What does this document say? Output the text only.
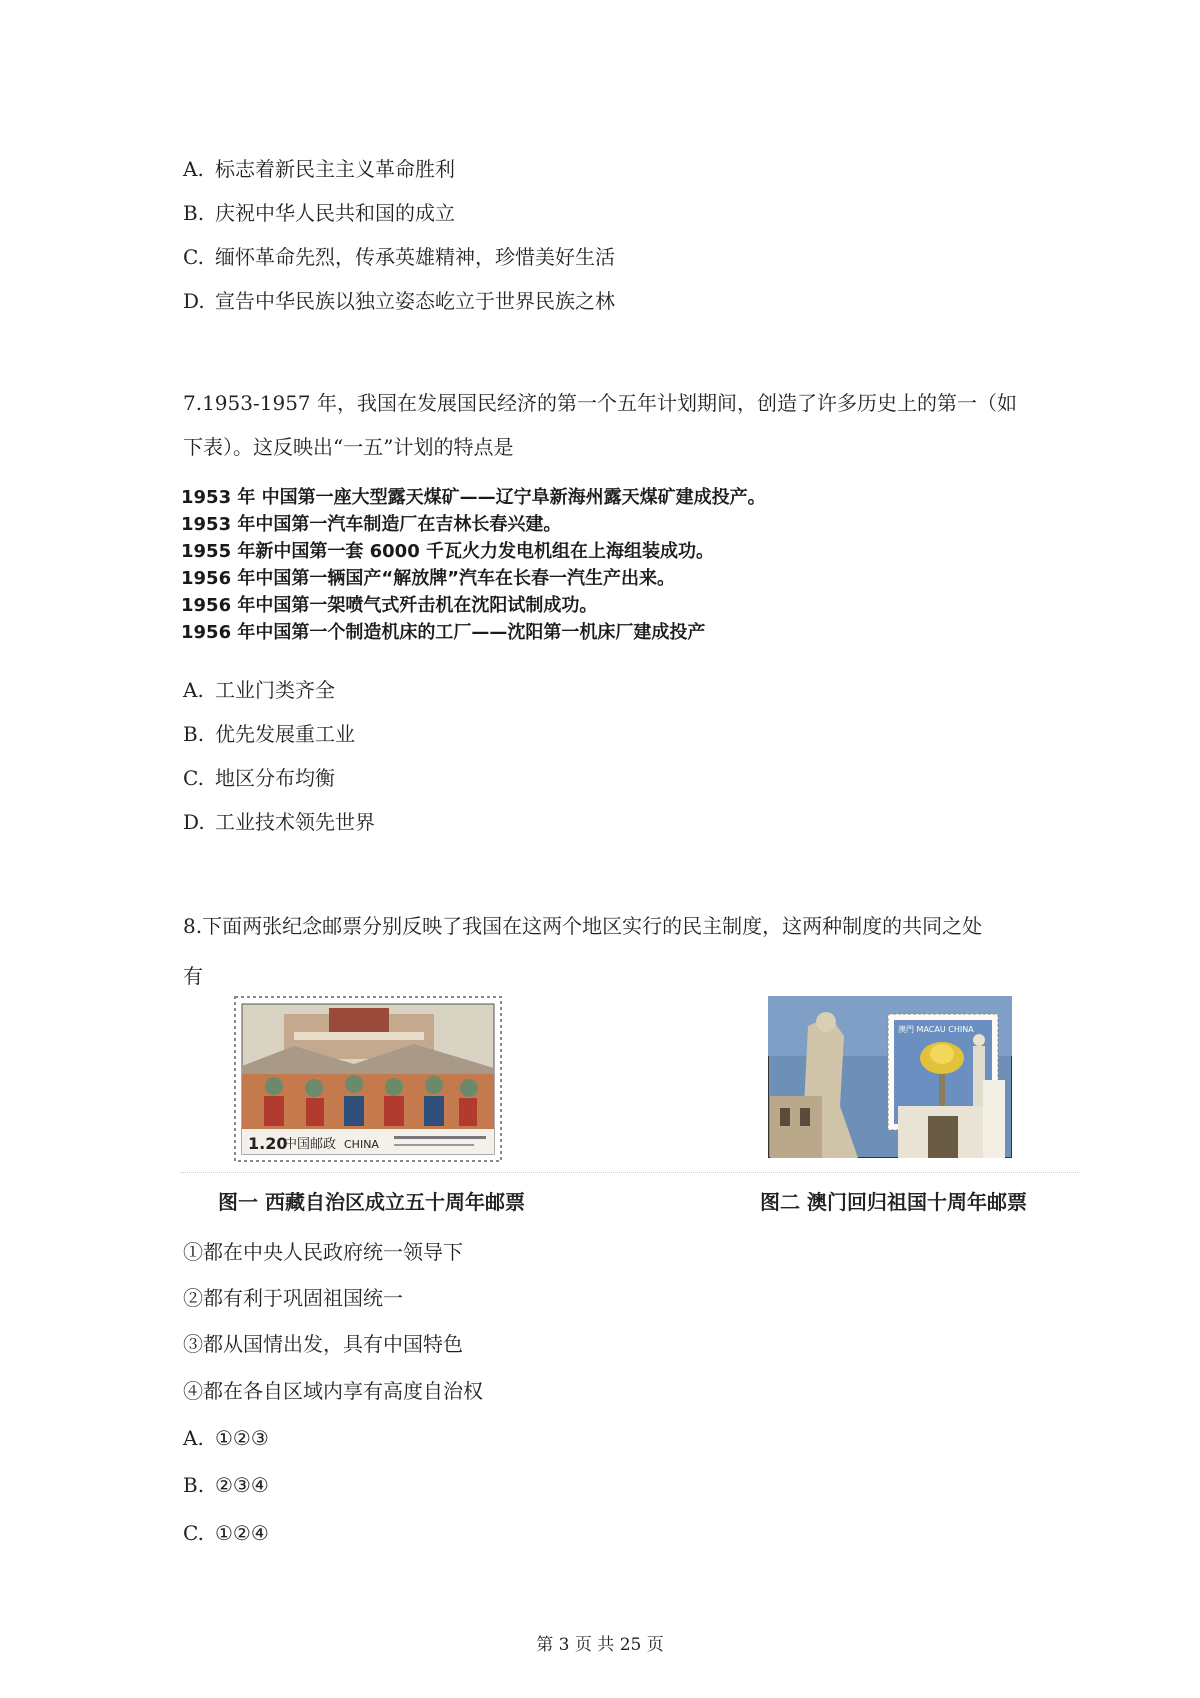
A. 标志着新民主主义革命胜利
B. 庆祝中华人民共和国的成立
C. 缅怀革命先烈，传承英雄精神，珍惜美好生活
D. 宣告中华民族以独立姿态屹立于世界民族之林
7.1953-1957 年，我国在发展国民经济的第一个五年计划期间，创造了许多历史上的第一（如
下表）。这反映出“一五”计划的特点是
1953 年 中国第一座大型露天煤矿——辽宁阜新海州露天煤矿建成投产。
1953 年中国第一汽车制造厂在吉林长春兴建。
1955 年新中国第一套 6000 千瓦火力发电机组在上海组装成功。
1956 年中国第一辆国产“解放牌”汽车在长春一汽生产出来。
1956 年中国第一架喷气式歼击机在沈阳试制成功。
1956 年中国第一个制造机床的工厂——沈阳第一机床厂建成投产
A. 工业门类齐全
B. 优先发展重工业
C. 地区分布均衡
D. 工业技术领先世界
8.下面两张纪念邮票分别反映了我国在这两个地区实行的民主制度，这两种制度的共同之处
有
1.20
中国邮政 CHINA
澳門 MACAU CHINA
图一 西藏自治区成立五十周年邮票	图二 澳门回归祖国十周年邮票
①都在中央人民政府统一领导下
②都有利于巩固祖国统一
③都从国情出发，具有中国特色
④都在各自区域内享有高度自治权
A. ①②③
B. ②③④
C. ①②④
第 3 页 共 25 页
